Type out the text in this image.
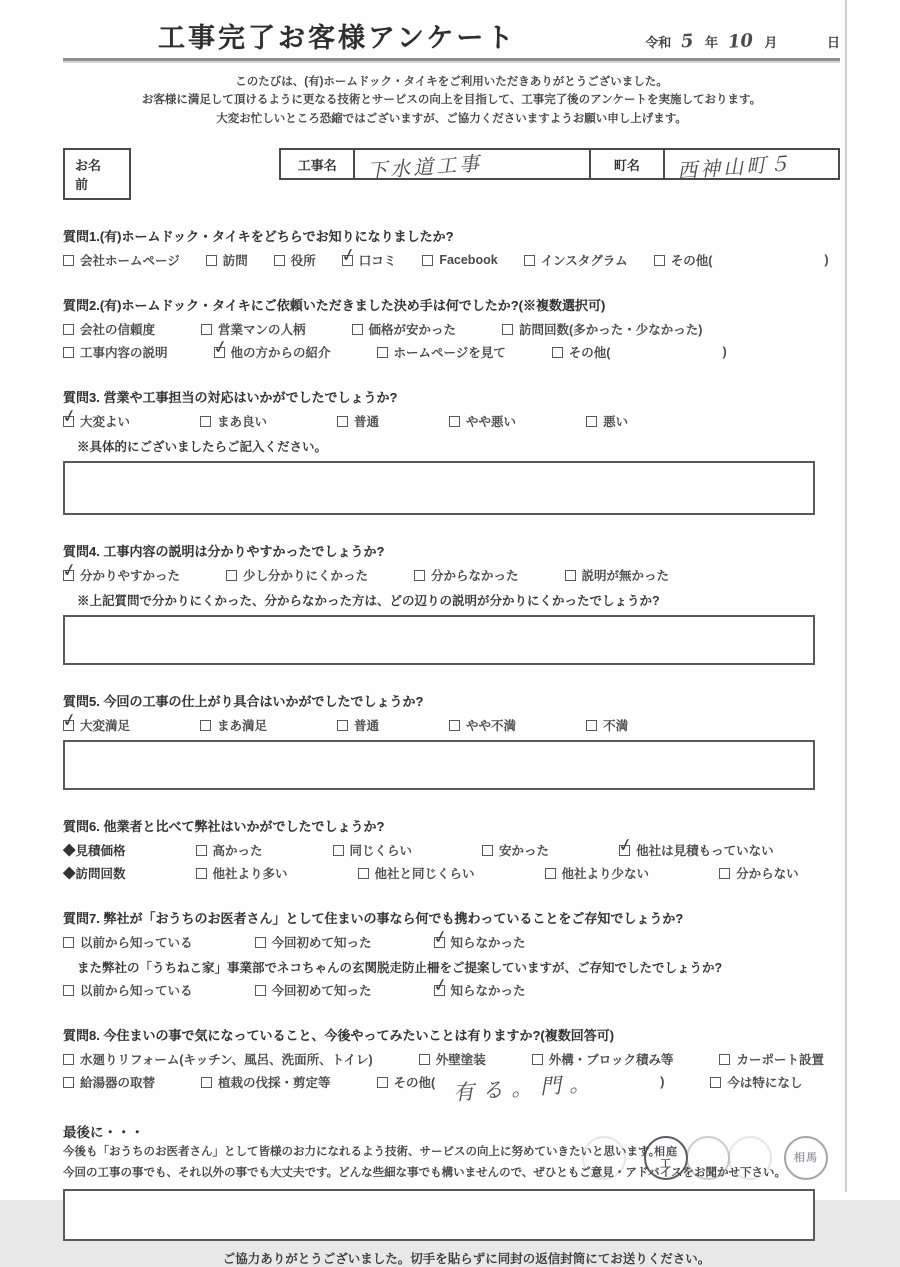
工事完了お客様アンケート	令和 5 年 10 月	日

このたびは、(有)ホームドック・タイキをご利用いただきありがとうございました。

お客様に満足して頂けるように更なる技術とサービスの向上を目指して、工事完了後のアンケートを実施しております。

大変お忙しいところ恐縮ではございますが、ご協力くださいますようお願い申し上げます。

お名前
工事名	下水道工事	町名	西神山町５
質問1.(有)ホームドック・タイキをどちらでお知りになりましたか?
会社ホームページ	訪問	役所 ✓ 口コミ	Facebook	インスタグラム	その他(	)
質問2.(有)ホームドック・タイキにご依頼いただきました決め手は何でしたか?(※複数選択可)
会社の信頼度	営業マンの人柄	価格が安かった	訪問回数(多かった・少なかった)
工事内容の説明 ✓ 他の方からの紹介	ホームページを見て	その他(	)
質問3. 営業や工事担当の対応はいかがでしたでしょうか?
✓ 大変よい	まあ良い	普通	やや悪い	悪い
※具体的にございましたらご記入ください。
質問4. 工事内容の説明は分かりやすかったでしょうか?
✓ 分かりやすかった	少し分かりにくかった	分からなかった	説明が無かった
※上記質問で分かりにくかった、分からなかった方は、どの辺りの説明が分かりにくかったでしょうか?
質問5. 今回の工事の仕上がり具合はいかがでしたでしょうか?
✓ 大変満足	まあ満足	普通	やや不満	不満
質問6. 他業者と比べて弊社はいかがでしたでしょうか?
◆見積価格	高かった	同じくらい	安かった	✓ 他社は見積もっていない
◆訪問回数	他社より多い	他社と同じくらい	他社より少ない	分からない
質問7. 弊社が「おうちのお医者さん」として住まいの事なら何でも携わっていることをご存知でしょうか?
以前から知っている	今回初めて知った	✓ 知らなかった
また弊社の「うちねこ家」事業部でネコちゃんの玄関脱走防止柵をご提案していますが、ご存知でしたでしょうか?
以前から知っている	今回初めて知った	✓ 知らなかった
質問8. 今住まいの事で気になっていること、今後やってみたいことは有りますか?(複数回答可)
水廻りリフォーム(キッチン、風呂、洗面所、トイレ)	外壁塗装	外構・ブロック積み等	カーポート設置
給湯器の取替	植栽の伐採・剪定等	その他( 有る。門。	)	今は特になし
最後に・・・

今後も「おうちのお医者さん」として皆様のお力になれるよう技術、サービスの向上に努めていきたいと思います。

今回の工事の事でも、それ以外の事でも大丈夫です。どんな些細な事でも構いませんので、ぜひともご意見・アドバイスをお聞かせ下さい。

ご協力ありがとうございました。切手を貼らずに同封の返信封筒にてお送りください。
相庭 工
相馬
